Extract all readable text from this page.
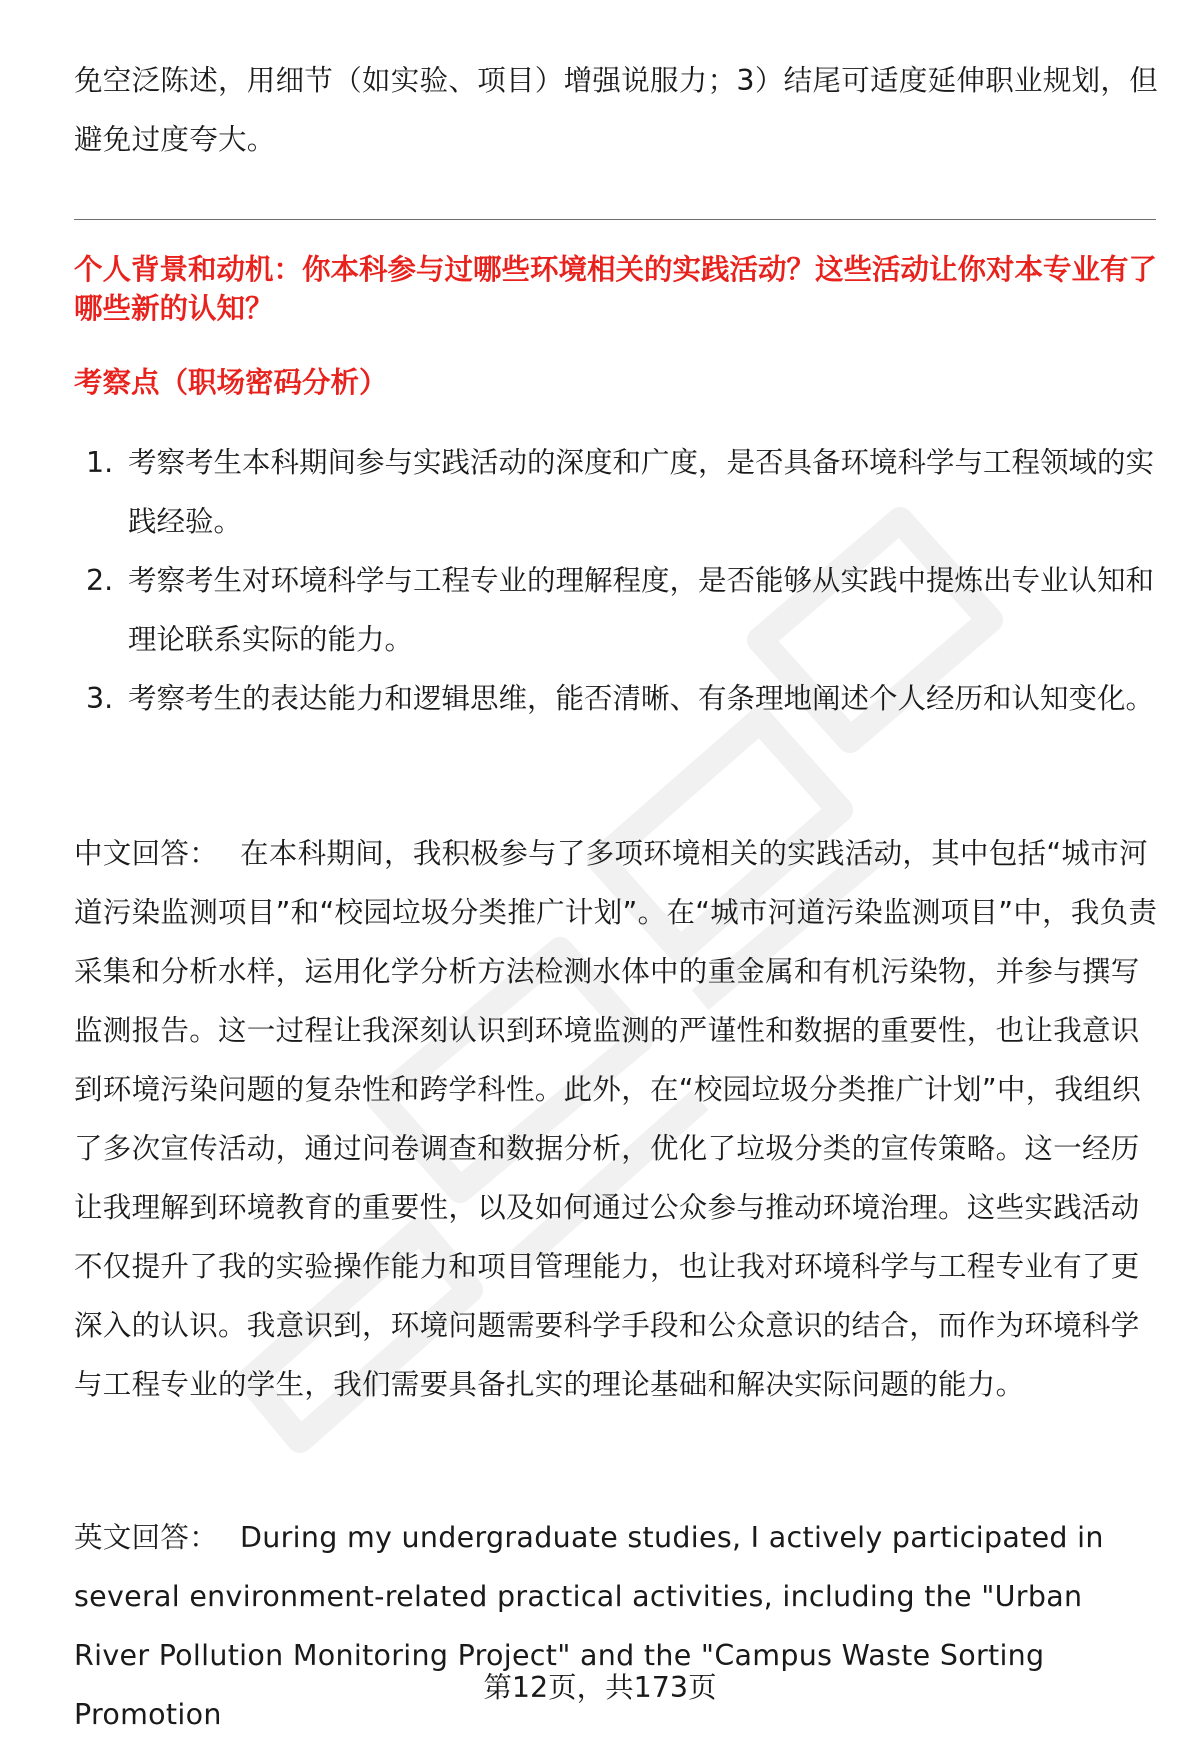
免空泛陈述，用细节（如实验、项目）增强说服力；3）结尾可适度延伸职业规划，但避免过度夸大。
个人背景和动机：你本科参与过哪些环境相关的实践活动？这些活动让你对本专业有了哪些新的认知？
考察点（职场密码分析）
1. 考察考生本科期间参与实践活动的深度和广度，是否具备环境科学与工程领域的实践经验。
2. 考察考生对环境科学与工程专业的理解程度，是否能够从实践中提炼出专业认知和理论联系实际的能力。
3. 考察考生的表达能力和逻辑思维，能否清晰、有条理地阐述个人经历和认知变化。
中文回答： 在本科期间，我积极参与了多项环境相关的实践活动，其中包括“城市河道污染监测项目”和“校园垃圾分类推广计划”。在“城市河道污染监测项目”中，我负责采集和分析水样，运用化学分析方法检测水体中的重金属和有机污染物，并参与撰写监测报告。这一过程让我深刻认识到环境监测的严谨性和数据的重要性，也让我意识到环境污染问题的复杂性和跨学科性。此外，在“校园垃圾分类推广计划”中，我组织了多次宣传活动，通过问卷调查和数据分析，优化了垃圾分类的宣传策略。这一经历让我理解到环境教育的重要性，以及如何通过公众参与推动环境治理。这些实践活动不仅提升了我的实验操作能力和项目管理能力，也让我对环境科学与工程专业有了更深入的认识。我意识到，环境问题需要科学手段和公众意识的结合，而作为环境科学与工程专业的学生，我们需要具备扎实的理论基础和解决实际问题的能力。
英文回答： During my undergraduate studies, I actively participated in several environment-related practical activities, including the "Urban River Pollution Monitoring Project" and the "Campus Waste Sorting Promotion
第12页，共173页
